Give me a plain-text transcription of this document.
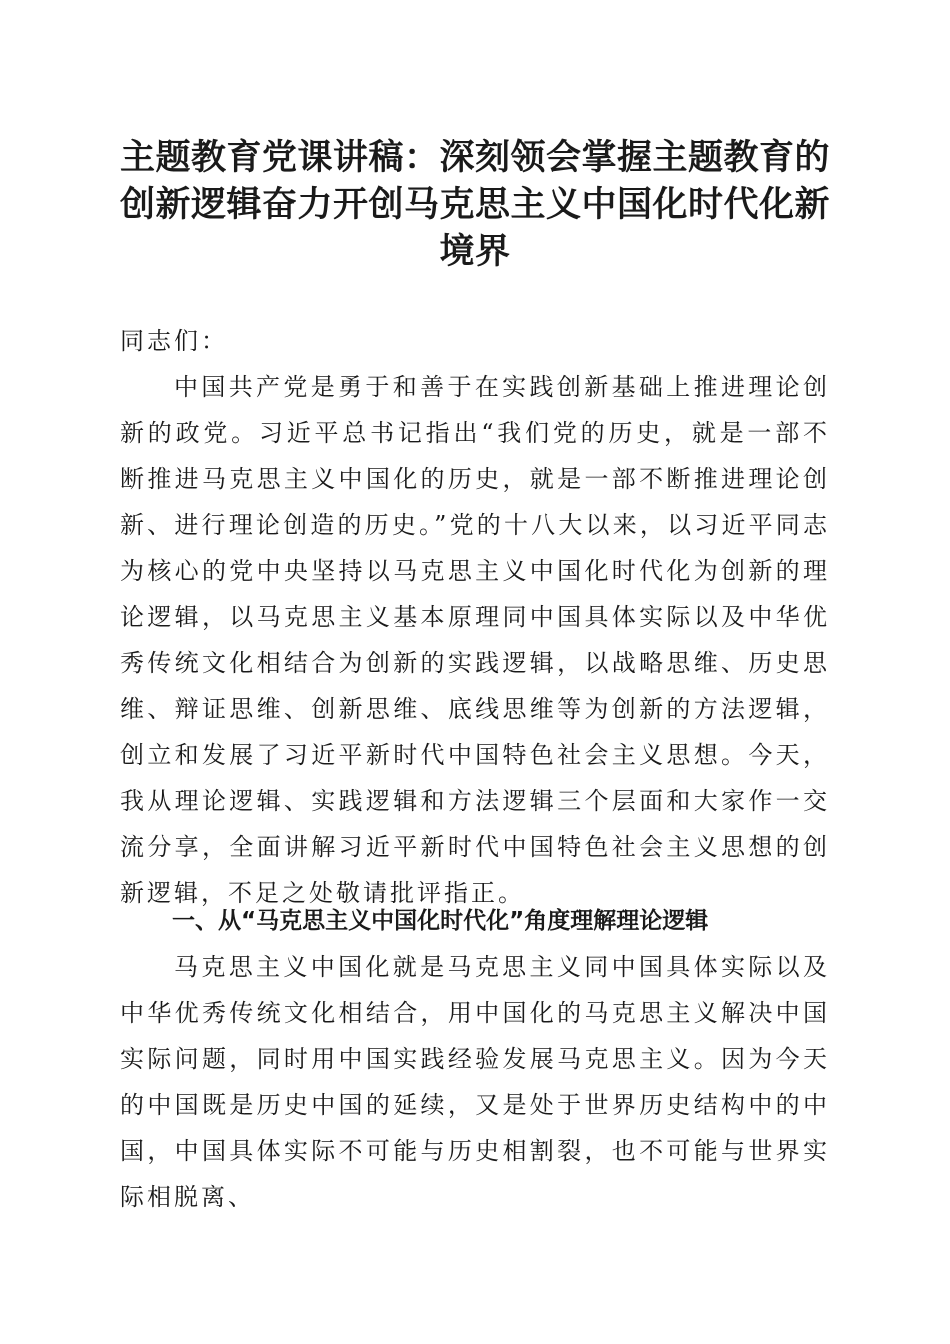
主题教育党课讲稿：深刻领会掌握主题教育的创新逻辑奋力开创马克思主义中国化时代化新境界

同志们：

中国共产党是勇于和善于在实践创新基础上推进理论创新的政党。习近平总书记指出“我们党的历史，就是一部不断推进马克思主义中国化的历史，就是一部不断推进理论创新、进行理论创造的历史。”党的十八大以来，以习近平同志为核心的党中央坚持以马克思主义中国化时代化为创新的理论逻辑，以马克思主义基本原理同中国具体实际以及中华优秀传统文化相结合为创新的实践逻辑，以战略思维、历史思维、辩证思维、创新思维、底线思维等为创新的方法逻辑，创立和发展了习近平新时代中国特色社会主义思想。今天，我从理论逻辑、实践逻辑和方法逻辑三个层面和大家作一交流分享，全面讲解习近平新时代中国特色社会主义思想的创新逻辑，不足之处敬请批评指正。

一、从“马克思主义中国化时代化”角度理解理论逻辑

马克思主义中国化就是马克思主义同中国具体实际以及中华优秀传统文化相结合，用中国化的马克思主义解决中国实际问题，同时用中国实践经验发展马克思主义。因为今天的中国既是历史中国的延续，又是处于世界历史结构中的中国，中国具体实际不可能与历史相割裂，也不可能与世界实际相脱离、
